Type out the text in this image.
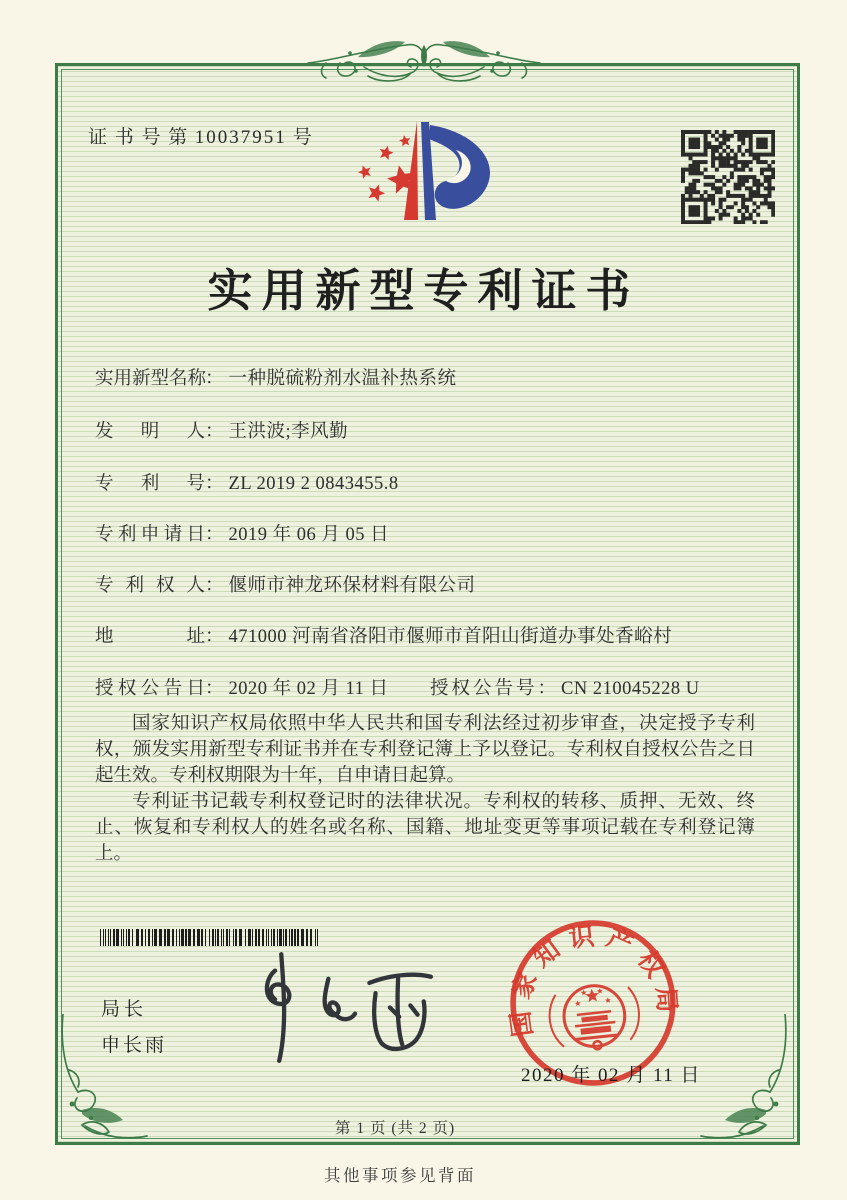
证 书 号 第 10037951 号
实用新型专利证书
实用新型名称： 一种脱硫粉剂水温补热系统
发明人： 王洪波;李风勤
专利号： ZL 2019 2 0843455.8
专利申请日： 2019 年 06 月 05 日
专利权人： 偃师市神龙环保材料有限公司
地址： 471000 河南省洛阳市偃师市首阳山街道办事处香峪村
授权公告日： 2020 年 02 月 11 日 授权公告号： CN 210045228 U

国家知识产权局依照中华人民共和国专利法经过初步审查，决定授予专利权，颁发实用新型专利证书并在专利登记簿上予以登记。专利权自授权公告之日起生效。专利权期限为十年，自申请日起算。

专利证书记载专利权登记时的法律状况。专利权的转移、质押、无效、终止、恢复和专利权人的姓名或名称、国籍、地址变更等事项记载在专利登记簿上。

局长
申长雨
国家知识产权局
2020 年 02 月 11 日
第 1 页 (共 2 页)
其他事项参见背面
